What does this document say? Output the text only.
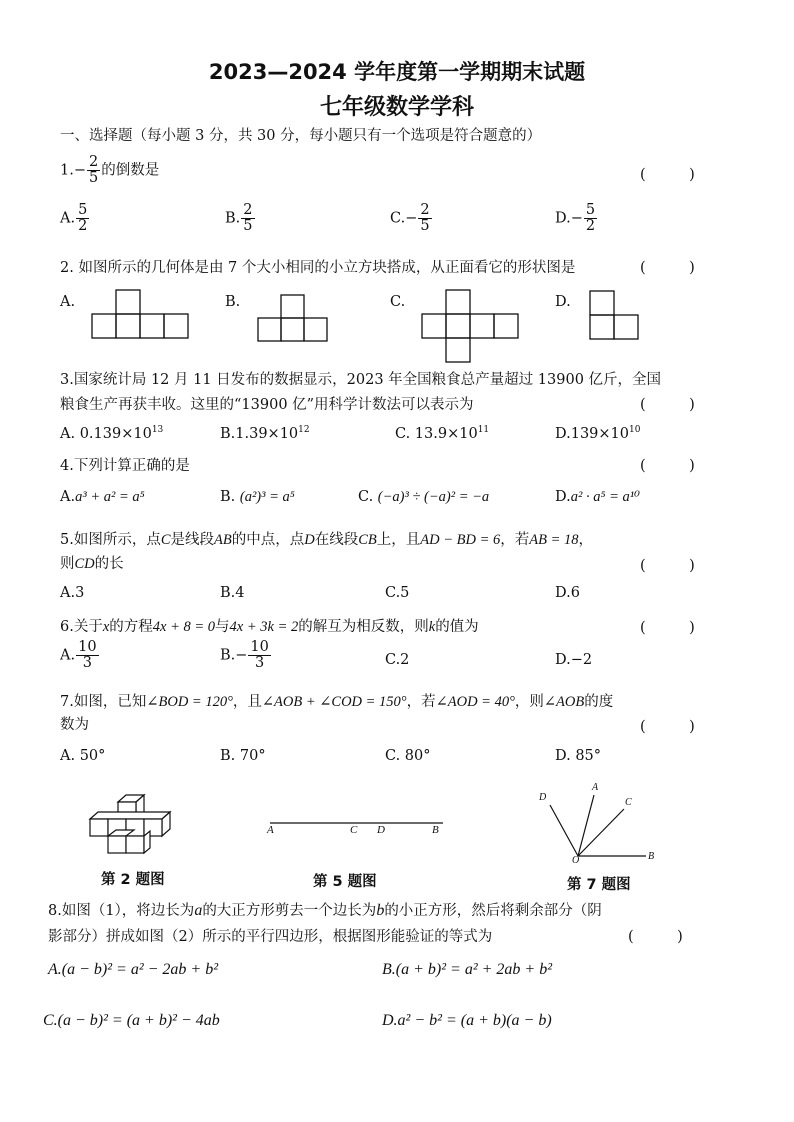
2023—2024 学年度第一学期期末试题
七年级数学学科
一、选择题（每小题 3 分，共 30 分，每小题只有一个选项是符合题意的）
$1.- \frac{2}{5}$ 的倒数是	(　　　)
A. $\frac{5}{2}$	B. $\frac{2}{5}$	$C.- \frac{2}{5}$	$D.- \frac{5}{2}$
2. 如图所示的几何体是由 7 个大小相同的小立方块搭成，从正面看它的形状图是	(　　　)
A.	B.	C.	D.
3.国家统计局 12 月 11 日发布的数据显示，2023 年全国粮食总产量超过 13900 亿斤，全国
粮食生产再获丰收。这里的“13900 亿”用科学计数法可以表示为	(　　　)
A. $0.139\times 10^{13}$	$B.1.39\times 10^{12}$	C. $13.9\times 10^{11}$	$D.139\times 10^{10}$
4.下列计算正确的是	(　　　)
A.a³ + a² = a⁵	B. (a²)³ = a⁵	C. (−a)³ ÷ (−a)² = −a	D.a² · a⁵ = a¹⁰
5.如图所示，点C是线段AB的中点，点D在线段CB上，且AD − BD = 6，若AB = 18，
则CD的长	(　　　)
A.3	B.4	C.5	D.6
6.关于x的方程4x + 8 = 0与4x + 3k = 2的解互为相反数，则k的值为	(　　　)
A. $\frac{10}{3}$	$B.- \frac{10}{3}$	C.2	D.−2
7.如图，已知∠BOD = 120°，且∠AOB + ∠COD = 150°，若∠AOD = 40°，则∠AOB的度
数为	(　　　)
A. 50°	B. 70°	C. 80°	D. 85°
第 2 题图
A	C D	B
第 5 题图
D
A
C
O	B
第 7 题图
8.如图（1），将边长为a的大正方形剪去一个边长为b的小正方形，然后将剩余部分（阴
影部分）拼成如图（2）所示的平行四边形，根据图形能验证的等式为	(　　　)
A.(a − b)² = a² − 2ab + b²	B.(a + b)² = a² + 2ab + b²
C.(a − b)² = (a + b)² − 4ab	D.a² − b² = (a + b)(a − b)
